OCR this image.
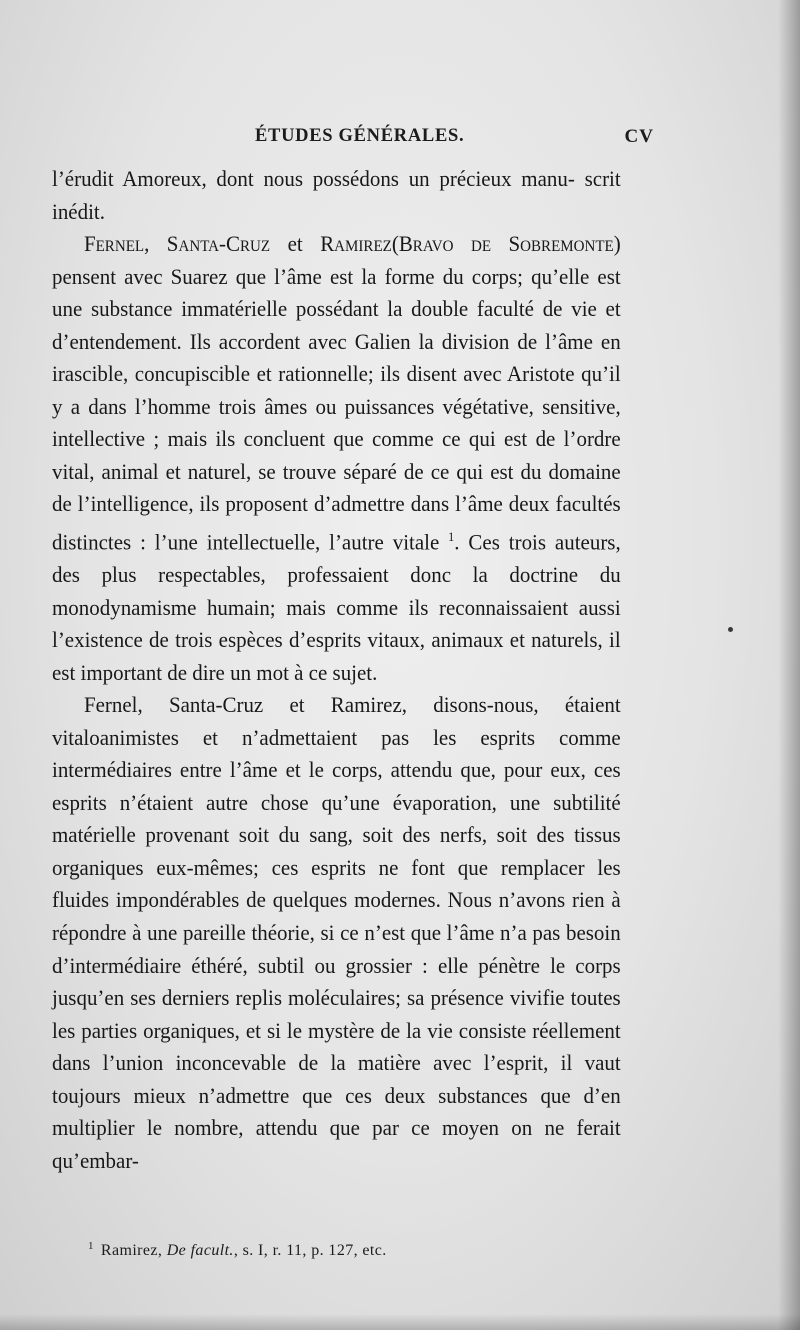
ÉTUDES GÉNÉRALES.	CV

l’érudit Amoreux, dont nous possédons un précieux manu- scrit inédit.

Fernel, Santa-Cruz et Ramirez(Bravo de Sobremonte) pensent avec Suarez que l’âme est la forme du corps; qu’elle est une substance immatérielle possédant la double faculté de vie et d’entendement. Ils accordent avec Galien la division de l’âme en irascible, concupiscible et rationnelle; ils disent avec Aristote qu’il y a dans l’homme trois âmes ou puissances végétative, sensitive, intellective ; mais ils concluent que comme ce qui est de l’ordre vital, animal et naturel, se trouve séparé de ce qui est du domaine de l’intelligence, ils proposent d’admettre dans l’âme deux facultés distinctes : l’une intellectuelle, l’autre vitale $^1$. Ces trois auteurs, des plus respectables, professaient donc la doctrine du monodynamisme humain; mais comme ils reconnaissaient aussi l’existence de trois espèces d’esprits vitaux, animaux et naturels, il est important de dire un mot à ce sujet.

Fernel, Santa-Cruz et Ramirez, disons-nous, étaient vitaloanimistes et n’admettaient pas les esprits comme intermédiaires entre l’âme et le corps, attendu que, pour eux, ces esprits n’étaient autre chose qu’une évaporation, une subtilité matérielle provenant soit du sang, soit des nerfs, soit des tissus organiques eux-mêmes; ces esprits ne font que remplacer les fluides impondérables de quelques modernes. Nous n’avons rien à répondre à une pareille théorie, si ce n’est que l’âme n’a pas besoin d’intermédiaire éthéré, subtil ou grossier : elle pénètre le corps jusqu’en ses derniers replis moléculaires; sa présence vivifie toutes les parties organiques, et si le mystère de la vie consiste réellement dans l’union inconcevable de la matière avec l’esprit, il vaut toujours mieux n’admettre que ces deux substances que d’en multiplier le nombre, attendu que par ce moyen on ne ferait qu’embar-

$^1$ Ramirez, De facult., s. I, r. 11, p. 127, etc.
